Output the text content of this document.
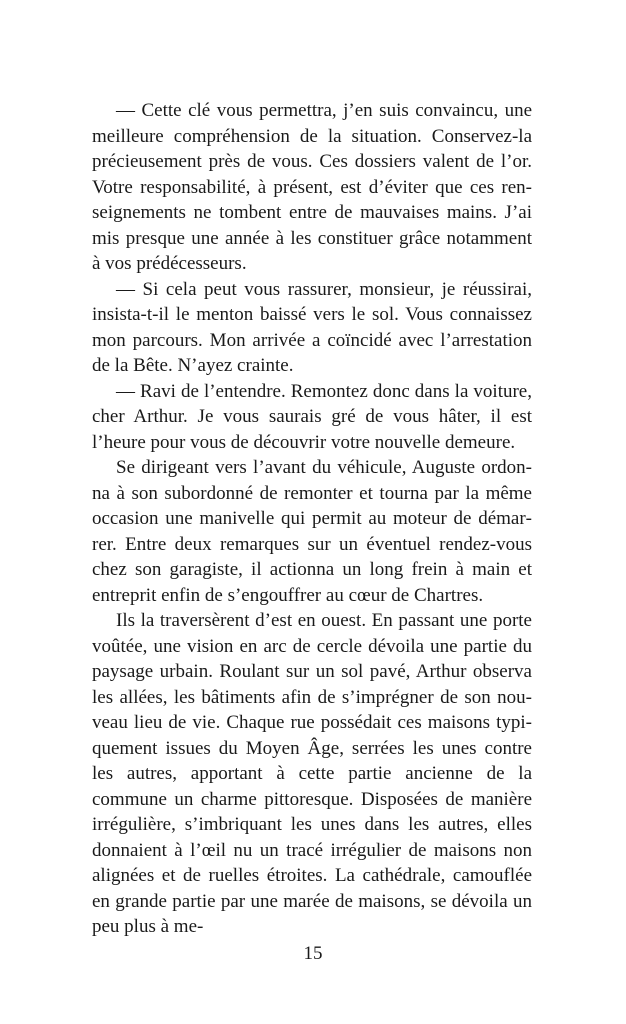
— Cette clé vous permettra, j’en suis convaincu, une meilleure compréhension de la situation. Conservez-la précieusement près de vous. Ces dossiers valent de l’or. Votre responsabilité, à présent, est d’éviter que ces renseignements ne tombent entre de mauvaises mains. J’ai mis presque une année à les constituer grâce notamment à vos prédécesseurs.

— Si cela peut vous rassurer, monsieur, je réussirai, insista-t-il le menton baissé vers le sol. Vous connaissez mon parcours. Mon arrivée a coïncidé avec l’arrestation de la Bête. N’ayez crainte.

— Ravi de l’entendre. Remontez donc dans la voiture, cher Arthur. Je vous saurais gré de vous hâter, il est l’heure pour vous de découvrir votre nouvelle demeure.

Se dirigeant vers l’avant du véhicule, Auguste ordonna à son subordonné de remonter et tourna par la même occasion une manivelle qui permit au moteur de démarrer. Entre deux remarques sur un éventuel rendez-vous chez son garagiste, il actionna un long frein à main et entreprit enfin de s’engouffrer au cœur de Chartres.

Ils la traversèrent d’est en ouest. En passant une porte voûtée, une vision en arc de cercle dévoila une partie du paysage urbain. Roulant sur un sol pavé, Arthur observa les allées, les bâtiments afin de s’imprégner de son nouveau lieu de vie. Chaque rue possédait ces maisons typiquement issues du Moyen Âge, serrées les unes contre les autres, apportant à cette partie ancienne de la commune un charme pittoresque. Disposées de manière irrégulière, s’imbriquant les unes dans les autres, elles donnaient à l’œil nu un tracé irrégulier de maisons non alignées et de ruelles étroites. La cathédrale, camouflée en grande partie par une marée de maisons, se dévoila un peu plus à me-

15
